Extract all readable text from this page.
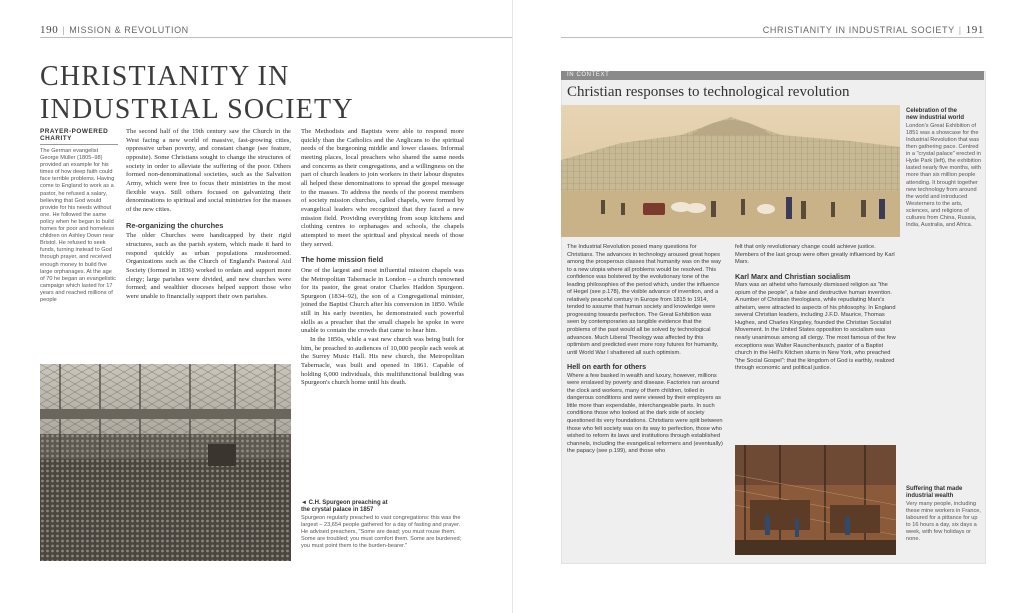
190 | MISSION & REVOLUTION	CHRISTIANITY IN INDUSTRIAL SOCIETY | 191
CHRISTIANITY IN
INDUSTRIAL SOCIETY
PRAYER-POWERED
CHARITY
The German evangelist George Müller (1805–98) provided an example for his times of how deep faith could face terrible problems. Having come to England to work as a pastor, he refused a salary, believing that God would provide for his needs without one. He followed the same policy when he began to build homes for poor and homeless children on Ashley Down near Bristol. He refused to seek funds, turning instead to God through prayer, and received enough money to build five large orphanages. At the age of 70 he began an evangelistic campaign which lasted for 17 years and reached millions of people

The second half of the 19th century saw the Church in the West facing a new world of massive, fast-growing cities, oppressive urban poverty, and constant change (see feature, opposite). Some Christians sought to change the structures of society in order to alleviate the suffering of the poor. Others formed non-denominational societies, such as the Salvation Army, which were free to focus their ministries in the most flexible ways. Still others focused on galvanizing their denominations to spiritual and social ministries for the masses of the new cities.

Re-organizing the churches

The older Churches were handicapped by their rigid structures, such as the parish system, which made it hard to respond quickly as urban populations mushroomed. Organizations such as the Church of England's Pastoral Aid Society (formed in 1836) worked to ordain and support more clergy; large parishes were divided, and new churches were formed; and wealthier dioceses helped support those who were unable to financially support their own parishes.

The Methodists and Baptists were able to respond more quickly than the Catholics and the Anglicans to the spiritual needs of the burgeoning middle and lower classes. Informal meeting places, local preachers who shared the same needs and concerns as their congregations, and a willingness on the part of church leaders to join workers in their labour disputes all helped these denominations to spread the gospel message to the masses. To address the needs of the poorest members of society mission churches, called chapels, were formed by evangelical leaders who recognized that they faced a new mission field. Providing everything from soup kitchens and clothing centres to orphanages and schools, the chapels attempted to meet the spiritual and physical needs of those they served.

The home mission field

One of the largest and most influential mission chapels was the Metropolitan Tabernacle in London – a church renowned for its pastor, the great orator Charles Haddon Spurgeon. Spurgeon (1834–92), the son of a Congregational minister, joined the Baptist Church after his conversion in 1850. While still in his early twenties, he demonstrated such powerful skills as a preacher that the small chapels he spoke in were unable to contain the crowds that came to hear him.

In the 1850s, while a vast new church was being built for him, he preached to audiences of 10,000 people each week at the Surrey Music Hall. His new church, the Metropolitan Tabernacle, was built and opened in 1861. Capable of holding 6,000 individuals, this multifunctional building was Spurgeon's church home until his death.

◄ C.H. Spurgeon preaching at
the crystal palace in 1857
Spurgeon regularly preached to vast congregations: this was the largest – 23,654 people gathered for a day of fasting and prayer. He advised preachers, "Some are dead; you must rouse them. Some are troubled; you must comfort them. Some are burdened; you must point them to the burden-bearer."
IN CONTEXT
Christian responses to technological revolution
Celebration of the
new industrial world
London's Great Exhibition of 1851 was a showcase for the Industrial Revolution that was then gathering pace. Centred in a "crystal palace" erected in Hyde Park (left), the exhibition lasted nearly five months, with more than six million people attending. It brought together new technology from around the world and introduced Westerners to the arts, sciences, and religions of cultures from China, Russia, India, Australia, and Africa.

The Industrial Revolution posed many questions for Christians. The advances in technology aroused great hopes among the prosperous classes that humanity was on the way to a new utopia where all problems would be resolved. This confidence was bolstered by the evolutionary tone of the leading philosophies of the period which, under the influence of Hegel (see p.178), the visible advance of invention, and a relatively peaceful century in Europe from 1815 to 1914, tended to assume that human society and knowledge were progressing towards perfection. The Great Exhibition was seen by contemporaries as tangible evidence that the problems of the past would all be solved by technological advances. Much Liberal Theology was affected by this optimism and predicted ever more rosy futures for humanity, until World War I shattered all such optimism.

Hell on earth for others

Where a few basked in wealth and luxury, however, millions were enslaved by poverty and disease. Factories ran around the clock and workers, many of them children, toiled in dangerous conditions and were viewed by their employers as little more than expendable, interchangeable parts. In such conditions those who looked at the dark side of society questioned its very foundations. Christians were split between those who felt society was on its way to perfection, those who wished to reform its laws and institutions through established channels, including the evangelical reformers and (eventually) the papacy (see p.199), and those who

felt that only revolutionary change could achieve justice. Members of the last group were often greatly influenced by Karl Marx.

Karl Marx and Christian socialism

Marx was an atheist who famously dismissed religion as "the opium of the people", a false and destructive human invention. A number of Christian theologians, while repudiating Marx's atheism, were attracted to aspects of his philosophy. In England several Christian leaders, including J.F.D. Maurice, Thomas Hughes, and Charles Kingsley, founded the Christian Socialist Movement. In the United States opposition to socialism was nearly unanimous among all clergy. The most famous of the few exceptions was Walter Rauschenbusch, pastor of a Baptist church in the Hell's Kitchen slums in New York, who preached "the Social Gospel": that the kingdom of God is earthly, realized through economic and political justice.

Suffering that made
industrial wealth
Very many people, including these mine workers in France, laboured for a pittance for up to 16 hours a day, six days a week, with few holidays or none.
